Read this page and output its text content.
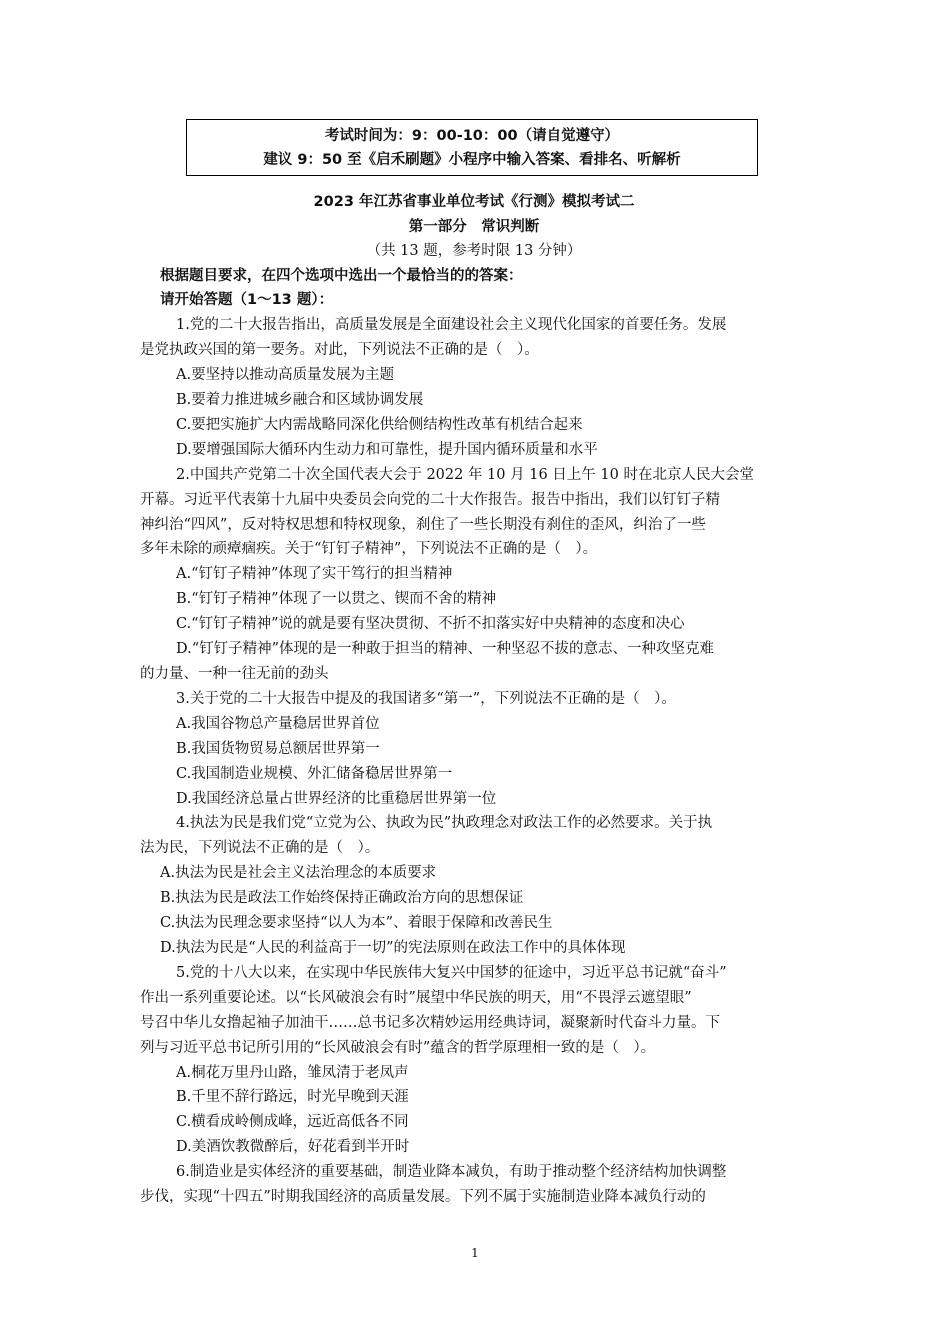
考试时间为：9：00-10：00（请自觉遵守）
建议 9：50 至《启禾刷题》小程序中输入答案、看排名、听解析
2023 年江苏省事业单位考试《行测》模拟考试二
第一部分　常识判断
（共 13 题，参考时限 13 分钟）
根据题目要求，在四个选项中选出一个最恰当的的答案：
请开始答题（1～13 题）：
1.党的二十大报告指出，高质量发展是全面建设社会主义现代化国家的首要任务。发展
是党执政兴国的第一要务。对此，下列说法不正确的是（　）。
A.要坚持以推动高质量发展为主题
B.要着力推进城乡融合和区域协调发展
C.要把实施扩大内需战略同深化供给侧结构性改革有机结合起来
D.要增强国际大循环内生动力和可靠性，提升国内循环质量和水平
2.中国共产党第二十次全国代表大会于 2022 年 10 月 16 日上午 10 时在北京人民大会堂
开幕。习近平代表第十九届中央委员会向党的二十大作报告。报告中指出，我们以钉钉子精
神纠治“四风”，反对特权思想和特权现象，刹住了一些长期没有刹住的歪风，纠治了一些
多年未除的顽瘴痼疾。关于“钉钉子精神”，下列说法不正确的是（　）。
A.“钉钉子精神”体现了实干笃行的担当精神
B.“钉钉子精神”体现了一以贯之、锲而不舍的精神
C.“钉钉子精神”说的就是要有坚决贯彻、不折不扣落实好中央精神的态度和决心
D.“钉钉子精神”体现的是一种敢于担当的精神、一种坚忍不拔的意志、一种攻坚克难
的力量、一种一往无前的劲头
3.关于党的二十大报告中提及的我国诸多“第一”，下列说法不正确的是（　）。
A.我国谷物总产量稳居世界首位
B.我国货物贸易总额居世界第一
C.我国制造业规模、外汇储备稳居世界第一
D.我国经济总量占世界经济的比重稳居世界第一位
4.执法为民是我们党“立党为公、执政为民”执政理念对政法工作的必然要求。关于执
法为民，下列说法不正确的是（　）。
A.执法为民是社会主义法治理念的本质要求
B.执法为民是政法工作始终保持正确政治方向的思想保证
C.执法为民理念要求坚持“以人为本”、着眼于保障和改善民生
D.执法为民是“人民的利益高于一切”的宪法原则在政法工作中的具体体现
5.党的十八大以来，在实现中华民族伟大复兴中国梦的征途中，习近平总书记就“奋斗”
作出一系列重要论述。以“长风破浪会有时”展望中华民族的明天，用“不畏浮云遮望眼”
号召中华儿女撸起袖子加油干……总书记多次精妙运用经典诗词，凝聚新时代奋斗力量。下
列与习近平总书记所引用的“长风破浪会有时”蕴含的哲学原理相一致的是（　）。
A.桐花万里丹山路，雏凤清于老凤声
B.千里不辞行路远，时光早晚到天涯
C.横看成岭侧成峰，远近高低各不同
D.美酒饮教微醉后，好花看到半开时
6.制造业是实体经济的重要基础，制造业降本减负，有助于推动整个经济结构加快调整
步伐，实现“十四五”时期我国经济的高质量发展。下列不属于实施制造业降本减负行动的
1
